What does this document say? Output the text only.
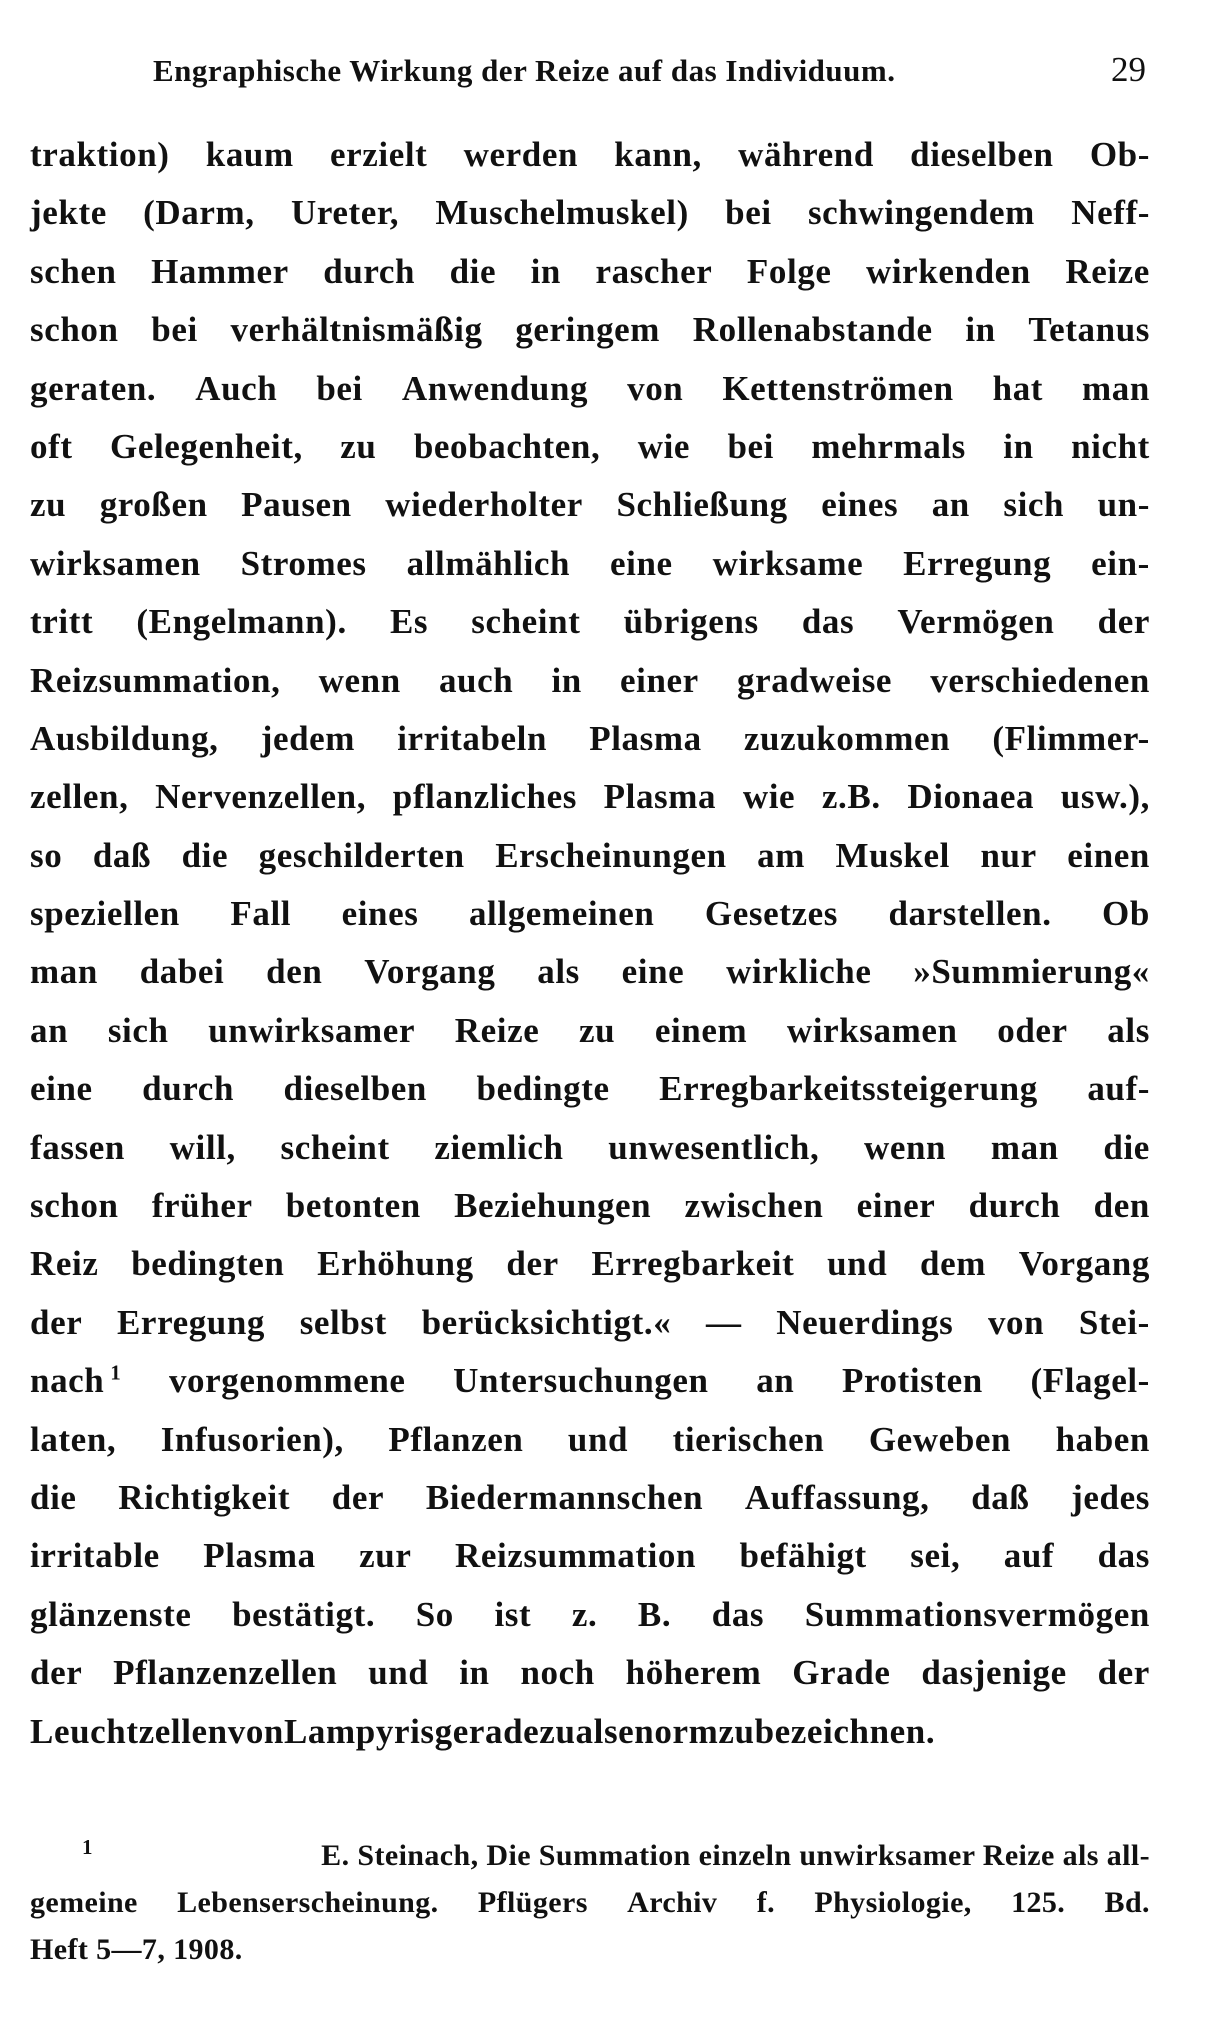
Engraphische Wirkung der Reize auf das Individuum.	29
traktion) kaum erzielt werden kann, während dieselben Ob-
jekte (Darm, Ureter, Muschelmuskel) bei schwingendem Neff-
schen Hammer durch die in rascher Folge wirkenden Reize
schon bei verhältnismäßig geringem Rollenabstande in Tetanus
geraten. Auch bei Anwendung von Kettenströmen hat man
oft Gelegenheit, zu beobachten, wie bei mehrmals in nicht
zu großen Pausen wiederholter Schließung eines an sich un-
wirksamen Stromes allmählich eine wirksame Erregung ein-
tritt (Engelmann). Es scheint übrigens das Vermögen der
Reizsummation, wenn auch in einer gradweise verschiedenen
Ausbildung, jedem irritabeln Plasma zuzukommen (Flimmer-
zellen, Nervenzellen, pflanzliches Plasma wie z.B. Dionaea usw.),
so daß die geschilderten Erscheinungen am Muskel nur einen
speziellen Fall eines allgemeinen Gesetzes darstellen. Ob
man dabei den Vorgang als eine wirkliche »Summierung«
an sich unwirksamer Reize zu einem wirksamen oder als
eine durch dieselben bedingte Erregbarkeitssteigerung auf-
fassen will, scheint ziemlich unwesentlich, wenn man die
schon früher betonten Beziehungen zwischen einer durch den
Reiz bedingten Erhöhung der Erregbarkeit und dem Vorgang
der Erregung selbst berücksichtigt.« — Neuerdings von Stei-
nach $^1$ vorgenommene Untersuchungen an Protisten (Flagel-
laten, Infusorien), Pflanzen und tierischen Geweben haben
die Richtigkeit der Biedermannschen Auffassung, daß jedes
irritable Plasma zur Reizsummation befähigt sei, auf das
glänzenste bestätigt. So ist z. B. das Summationsvermögen
der Pflanzenzellen und in noch höherem Grade dasjenige der
Leuchtzellen von Lampyris geradezu als enorm zu bezeichnen.
$^1$	E. Steinach, Die Summation einzeln unwirksamer Reize als all-
gemeine Lebenserscheinung. Pflügers Archiv f. Physiologie, 125. Bd.
Heft 5—7, 1908.
